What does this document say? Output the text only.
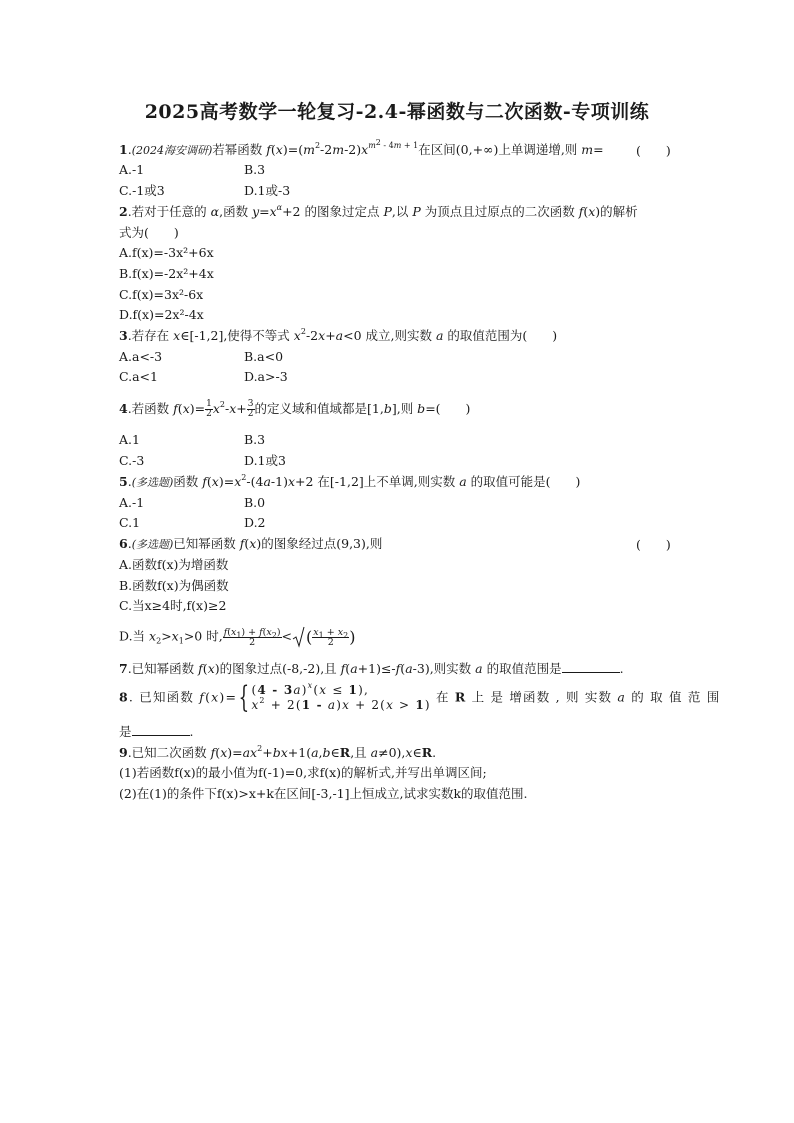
2025高考数学一轮复习-2.4-幂函数与二次函数-专项训练
1.(2024海安调研)若幂函数 $f(x)=(m^2-2m-2)x^{m^2 - 4m + 1}$在区间(0,+∞)上单调递增,则 m=	(　　)
A.-1	B.3
C.-1或3	D.1或-3
2.若对于任意的 α,函数 $y=x^\alpha+2$ 的图象过定点 P,以 P 为顶点且过原点的二次函数 f(x)的解析
式为(　　)
A.f(x)=-3x²+6x
B.f(x)=-2x²+4x
C.f(x)=3x²-6x
D.f(x)=2x²-4x
3.若存在 x∈[-1,2],使得不等式 $x^2-2x+a<0$ 成立,则实数 a 的取值范围为(　　)
A.a<-3	B.a<0
C.a<1	D.a>-3
4.若函数 $f(x)= \frac{1}{2} x^2-x+ \frac{3}{2}$ 的定义域和值域都是[1,b],则 b=(　　)
A.1	B.3
C.-3	D.1或3
5.(多选题)函数 $f(x)=x^2-(4a-1)x+2$ 在[-1,2]上不单调,则实数 a 的取值可能是(　　)
A.-1	B.0
C.1	D.2
6.(多选题)已知幂函数 f(x)的图象经过点(9,3),则	(　　)
A.函数f(x)为增函数
B.函数f(x)为偶函数
C.当x≥4时,f(x)≥2
D.当 $x_2>x_1>0$ 时, $\frac{f(x_1) + f(x_2)}{2}$ < ( $\frac{x_1 + x_2}{2}$ )
7.已知幂函数 f(x)的图象过点(-8,-2),且 f(a+1)≤-f(a-3),则实数 a 的取值范围是	.
8. 已知函数 f(x)={ (4 - 3a)$^x$(x ≤ 1),
$x^2 + 2(1 - a)x + 2(x > 1)$
在 R 上 是 增函数 , 则 实数 a 的 取 值 范 围
是	.
9.已知二次函数 $f(x)=ax^2+bx+1(a,b\in R$,且 a≠0),x∈R.
(1)若函数f(x)的最小值为f(-1)=0,求f(x)的解析式,并写出单调区间;
(2)在(1)的条件下f(x)>x+k在区间[-3,-1]上恒成立,试求实数k的取值范围.
